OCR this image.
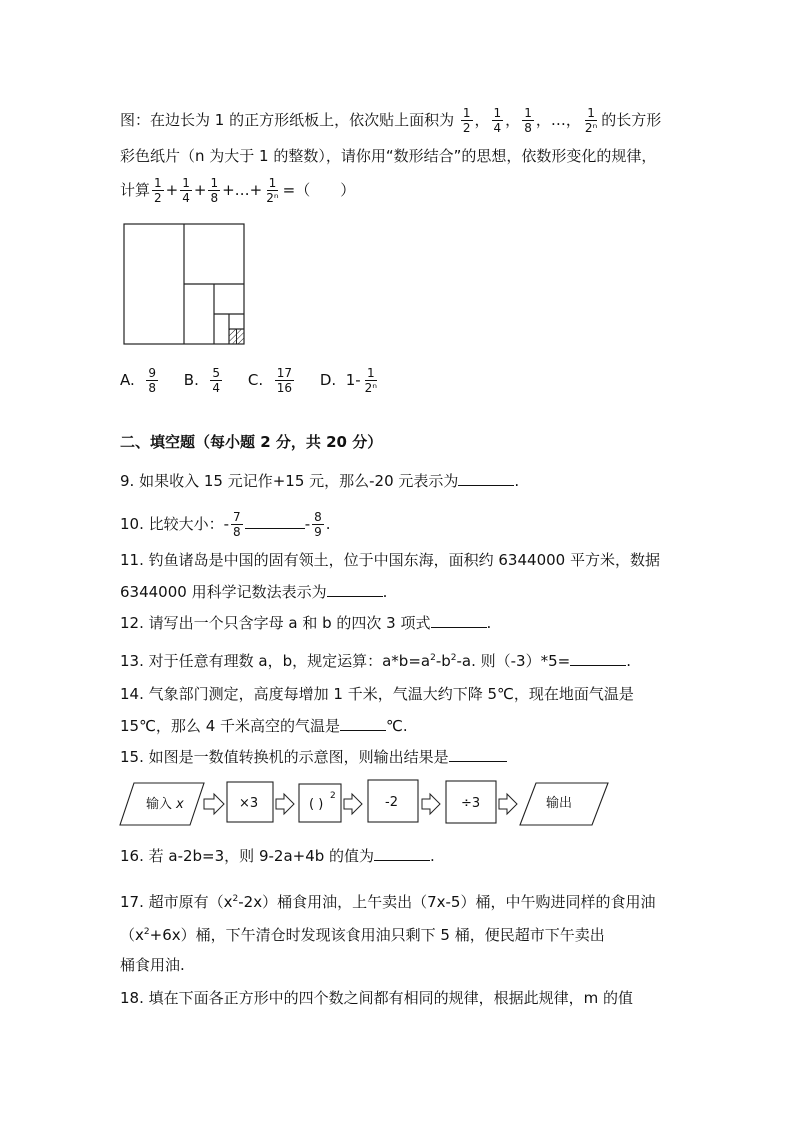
图：在边长为 1 的正方形纸板上，依次贴上面积为 $\frac{1}{2}$ ， $\frac{1}{4}$ ， $\frac{1}{8}$ ，…， $\frac{1}{\text{2ⁿ}}$ 的长方形
彩色纸片（n 为大于 1 的整数），请你用“数形结合”的思想，依数形变化的规律，
计算 $\frac{1}{2} + \frac{1}{4} + \frac{1}{8}$ +…+ $\frac{1}{\text{2ⁿ}}$ =（　　）
A. $\frac{9}{8} B$. $\frac{5}{4} C$. $\frac{17}{16} D$. $1- \frac{1}{\text{2ⁿ}}$
二、填空题（每小题 2 分，共 20 分）
9. 如果收入 15 元记作+15 元，那么-20 元表示为	.
10. 比较大小：- $\frac{7}{8}$	- $\frac{8}{9}$ .
11. 钓鱼诸岛是中国的固有领土，位于中国东海，面积约 6344000 平方米，数据
6344000 用科学记数法表示为	.
12. 请写出一个只含字母 a 和 b 的四次 3 项式	.
13. 对于任意有理数 a，b，规定运算：$a*b=a^2-b^2-a$. 则（-3）*5=	.
14. 气象部门测定，高度每增加 1 千米，气温大约下降 5℃，现在地面气温是
15℃，那么 4 千米高空的气温是	℃.
15. 如图是一数值转换机的示意图，则输出结果是
输入 x	×3	( )
2	-2	÷3	输出
16. 若 a-2b=3，则 9-2a+4b 的值为	.
17. 超市原有$(x^2-2x)$桶食用油，上午卖出（7x-5）桶，中午购进同样的食用油
$(x^2+6x)$桶，下午清仓时发现该食用油只剩下 5 桶，便民超市下午卖出
桶食用油.
18. 填在下面各正方形中的四个数之间都有相同的规律，根据此规律，m 的值
